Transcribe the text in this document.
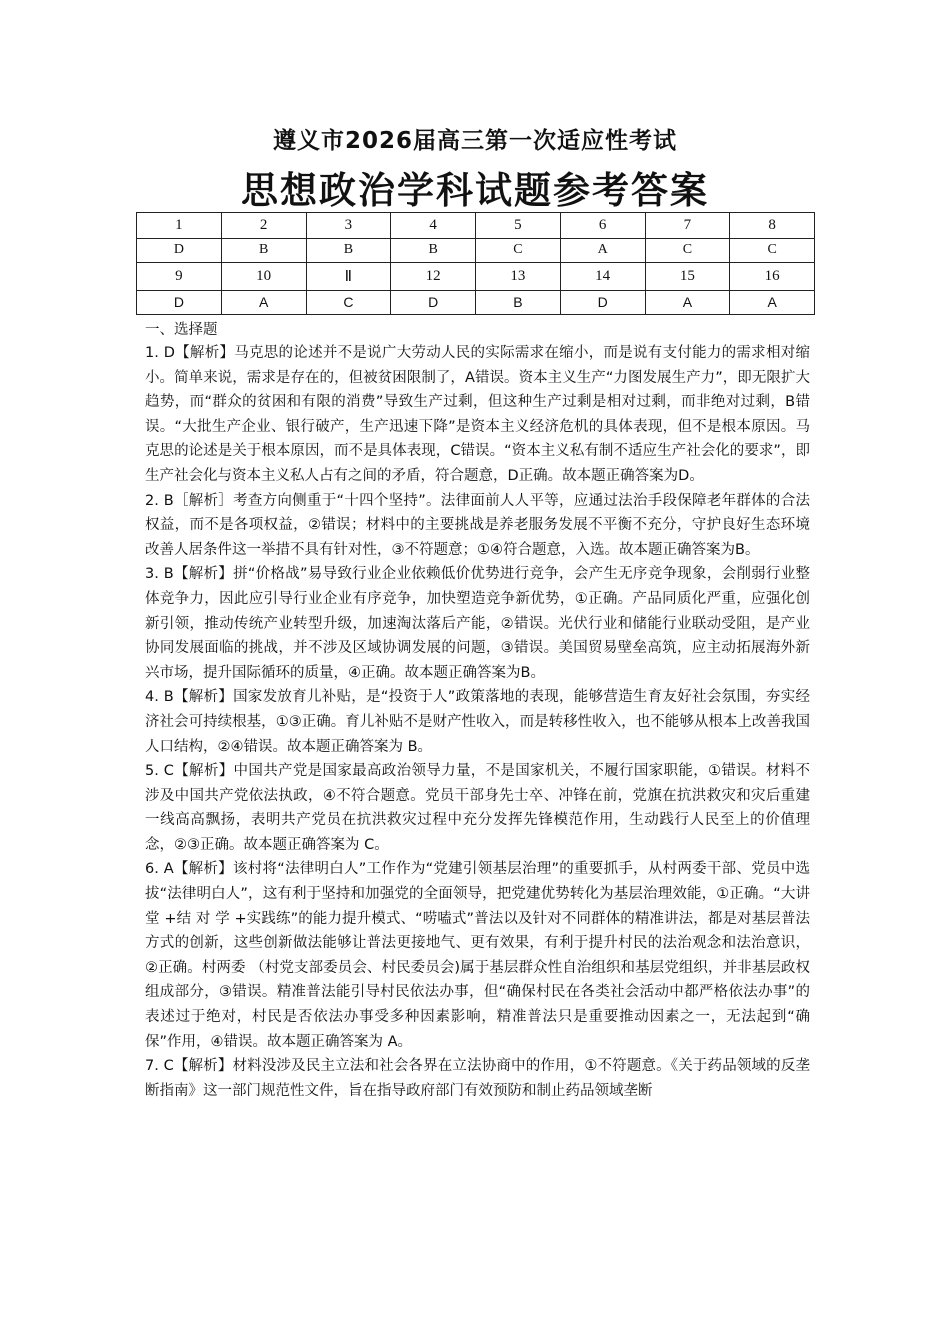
遵义市2026届高三第一次适应性考试
思想政治学科试题参考答案
1	2	3	4	5	6	7	8
D	B	B	B	C	A	C	C
9	10	Ⅱ	12	13	14	15	16
D	A	C	D	B	D	A	A
一、选择题

1. D【解析】马克思的论述并不是说广大劳动人民的实际需求在缩小，而是说有支付能力的需求相对缩小。简单来说，需求是存在的，但被贫困限制了，A错误。资本主义生产“力图发展生产力”，即无限扩大趋势，而“群众的贫困和有限的消费”导致生产过剩，但这种生产过剩是相对过剩，而非绝对过剩，B错误。“大批生产企业、银行破产，生产迅速下降”是资本主义经济危机的具体表现，但不是根本原因。马克思的论述是关于根本原因，而不是具体表现，C错误。“资本主义私有制不适应生产社会化的要求”，即生产社会化与资本主义私人占有之间的矛盾，符合题意，D正确。故本题正确答案为D。

2. B［解析］考查方向侧重于“十四个坚持”。法律面前人人平等，应通过法治手段保障老年群体的合法权益，而不是各项权益，②错误；材料中的主要挑战是养老服务发展不平衡不充分，守护良好生态环境改善人居条件这一举措不具有针对性，③不符题意；①④符合题意，入选。故本题正确答案为B。

3. B【解析】拼“价格战”易导致行业企业依赖低价优势进行竞争，会产生无序竞争现象，会削弱行业整体竞争力，因此应引导行业企业有序竞争，加快塑造竞争新优势，①正确。产品同质化严重，应强化创新引领，推动传统产业转型升级，加速淘汰落后产能，②错误。光伏行业和储能行业联动受阻，是产业协同发展面临的挑战，并不涉及区域协调发展的问题，③错误。美国贸易壁垒高筑，应主动拓展海外新兴市场，提升国际循环的质量，④正确。故本题正确答案为B。

4. B【解析】国家发放育儿补贴，是“投资于人”政策落地的表现，能够营造生育友好社会氛围，夯实经济社会可持续根基，①③正确。育儿补贴不是财产性收入，而是转移性收入，也不能够从根本上改善我国人口结构，②④错误。故本题正确答案为 B。

5. C【解析】中国共产党是国家最高政治领导力量，不是国家机关，不履行国家职能，①错误。材料不涉及中国共产党依法执政，④不符合题意。党员干部身先士卒、冲锋在前，党旗在抗洪救灾和灾后重建一线高高飘扬，表明共产党员在抗洪救灾过程中充分发挥先锋模范作用，生动践行人民至上的价值理念，②③正确。故本题正确答案为 C。

6. A【解析】该村将“法律明白人”工作作为“党建引领基层治理”的重要抓手，从村两委干部、党员中选拔“法律明白人”，这有利于坚持和加强党的全面领导，把党建优势转化为基层治理效能，①正确。“大讲堂 +结 对 学 +实践练”的能力提升模式、“唠嗑式”普法以及针对不同群体的精准讲法，都是对基层普法方式的创新，这些创新做法能够让普法更接地气、更有效果，有利于提升村民的法治观念和法治意识，②正确。村两委 （村党支部委员会、村民委员会)属于基层群众性自治组织和基层党组织，并非基层政权组成部分，③错误。精准普法能引导村民依法办事，但“确保村民在各类社会活动中都严格依法办事”的表述过于绝对，村民是否依法办事受多种因素影响，精准普法只是重要推动因素之一，无法起到“确保”作用，④错误。故本题正确答案为 A。

7. C【解析】材料没涉及民主立法和社会各界在立法协商中的作用，①不符题意。《关于药品领域的反垄断指南》这一部门规范性文件，旨在指导政府部门有效预防和制止药品领域垄断
